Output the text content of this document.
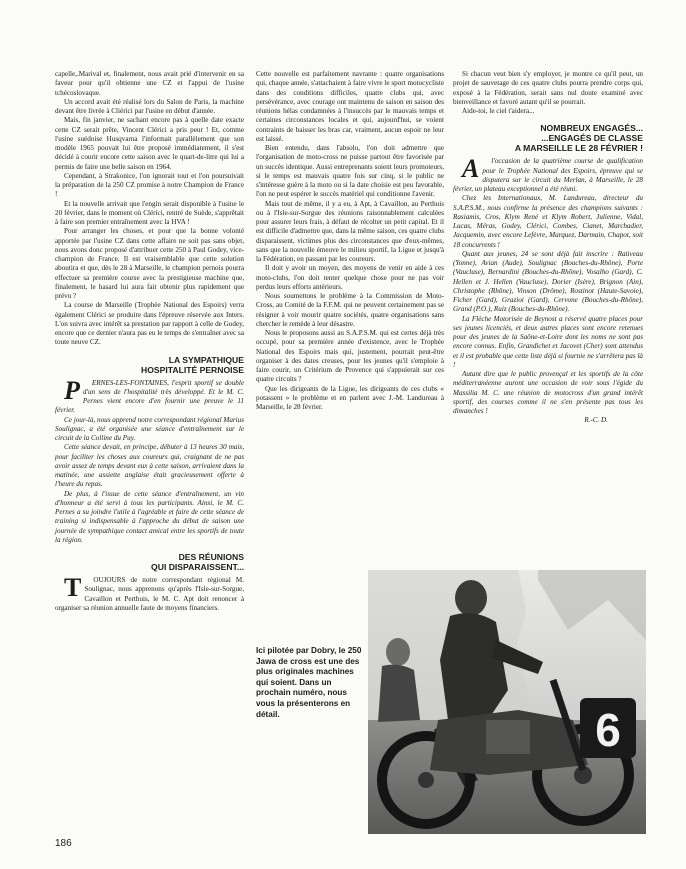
capelle,.Marival et, finalement, nous avait prié d'intervenir en sa faveur pour qu'il obtienne une CZ et l'appui de l'usine tchécoslovaque.

Un accord avait été réalisé lors du Salon de Paris, la machine devant être livrée à Cliérici par l'usine en début d'année.

Mais, fin janvier, ne sachant encore pas à quelle date exacte cette CZ serait prête, Vincent Clérici a pris peur ! Et, comme l'usine suédoise Husqvarna l'informait parallèlement que son modèle 1965 pouvait lui être proposé immédiatement, il s'est décidé à courir encore cette saison avec le quart-de-litre qui lui a permis de faire une belle saison en 1964.

Cependant, à Strakonice, l'on ignorait tout et l'on poursuivait la préparation de la 250 CZ promise à notre Champion de France !

Et la nouvelle arrivait que l'engin serait disponible à l'usine le 20 février, dans le moment où Clérici, rentré de Suède, s'apprêtait à faire son premier entraînement avec la HVA !

Pour arranger les choses, et pour que la bonne volonté apportée par l'usine CZ dans cette affaire ne soit pas sans objet, nous avons donc proposé d'attribuer cette 250 à Paul Godey, vice-champion de France. Il est vraisemblable que cette solution aboutira et que, dès le 28 à Marseille, le champion pernois pourra effectuer sa première course avec la prestigieuse machine que, finalement, le hasard lui aura fait obtenir plus rapidement que prévu ?

La course de Marseille (Trophée National des Espoirs) verra également Clérici se produire dans l'épreuve réservée aux Inters. L'on suivra avec intérêt sa prestation par rapport à celle de Godey, encore que ce dernier n'aura pas eu le temps de s'entraîner avec sa toute neuve CZ.

LA SYMPATHIQUE
HOSPITALITÉ PERNOISE

P ERNES-LES-FONTAINES, l'esprit sportif se double d'un sens de l'hospitalité très développé. Et le M. C. Pernes vient encore d'en fournir une preuve le 11 février.

Ce jour-là, nous apprend notre correspondant régional Marius Soulignac, a été organisée une séance d'entraînement sur le circuit de la Colline du Puy.

Cette séance devait, en principe, débuter à 13 heures 30 mais, pour faciliter les choses aux coureurs qui, craignant de ne pas avoir assez de temps devant eux à cette saison, arrivaient dans la matinée, une assiette anglaise était gracieusement offerte à l'heure du repas.

De plus, à l'issue de cette séance d'entraînement, un vin d'honneur a été servi à tous les participants. Ainsi, le M. C. Pernes a su joindre l'utile à l'agréable et faire de cette séance de training si indispensable à l'approche du début de saison une journée de sympathique contact amical entre les sportifs de toute la région.

DES RÉUNIONS
QUI DISPARAISSENT...

T OUJOURS de notre correspondant régional M. Soulignac, nous apprenons qu'après l'Isle-sur-Sorgue, Cavaillon et Perthuis, le M. C. Apt doit renoncer à organiser sa réunion annuelle faute de moyens financiers.

Cette nouvelle est parfaitement navrante : quatre organisations qui, chaque année, s'attachaient à faire vivre le sport motocycliste dans des conditions difficiles, quatre clubs qui, avec persévérance, avec courage ont maintenu de saison en saison des réunions hélas condamnées à l'insuccès par le mauvais temps et certaines circonstances locales et qui, aujourd'hui, se voient contraints de baisser les bras car, vraiment, aucun espoir ne leur est laissé.

Bien entendu, dans l'absolu, l'on doit admettre que l'organisation de moto-cross ne puisse partout être favorisée par un succès identique. Aussi entreprenants soient leurs promoteurs, si le temps est mauvais quatre fois sur cinq, si le public ne s'intéresse guère à la moto ou si la date choisie est peu favorable, l'on ne peut espérer le succès matériel qui conditionne l'avenir.

Mais tout de même, il y a eu, à Apt, à Cavaillon, au Perthuis ou à l'Isle-sur-Sorgue des réunions raisonnablement calculées pour assurer leurs frais, à défaut de récolter un petit capital. Et il est difficile d'admettre que, dans la même saison, ces quatre clubs disparaissent, victimes plus des circonstances que d'eux-mêmes, sans que la nouvelle émeuve le milieu sportif, la Ligue et jusqu'à la Fédération, en passant par les coureurs.

Il doit y avoir un moyen, des moyens de venir en aide à ces moto-clubs, l'on doit tenter quelque chose pour ne pas voir perdus leurs efforts antérieurs.

Nous soumettons le problème à la Commission de Moto-Cross, au Comité de la F.F.M. qui ne peuvent certainement pas se résigner à voir mourir quatre sociétés, quatre organisations sans chercher le remède à leur désastre.

Nous le proposons aussi au S.A.P.S.M. qui est certes déjà très occupé, pour sa première année d'existence, avec le Trophée National des Espoirs mais qui, justement, pourrait peut-être organiser à des dates creuses, pour les jeunes qu'il s'emploie à faire courir, un Critérium de Provence qui s'appuierait sur ces quatre circuits ?

Que les dirigeants de la Ligue, les dirigeants de ces clubs « potassent » le problème et en parlent avec J.-M. Landureau à Marseille, le 28 février.

Si chacun veut bien s'y employer, je montre ce qu'il peut, un projet de sauvetage de ces quatre clubs pourra prendre corps qui, exposé à la Fédération, serait sans nul doute examiné avec bienveillance et favoré autant qu'il se pourrait.

Aide-toi, le ciel t'aidera...

NOMBREUX ENGAGÉS...
...ENGAGÉS DE CLASSE
A MARSEILLE LE 28 FÉVRIER !

A l'occasion de la quatrième course de qualification pour le Trophée National des Espoirs, épreuve qui se disputera sur le circuit du Merlan, à Marseille, le 28 février, un plateau exceptionnel a été réuni.

Chez les Internationaux, M. Landureau, directeur du S.A.P.S.M., nous confirme la présence des champions suivants : Rasiamis, Cros, Klym René et Klym Robert, Julienne, Vidal, Lucas, Méras, Godey, Clérici, Combes, Cianet, Marchadier, Jacquemin, avec encore Lefèvre, Marquez, Darmain, Chapot, soit 18 concurrents !

Quant aux jeunes, 24 se sont déjà fait inscrire : Rativeau (Yonne), Avian (Aude), Soulignac (Bouches-du-Rhône), Porte (Vaucluse), Bernardini (Bouches-du-Rhône), Vosalho (Gard), C. Hellen et J. Hellen (Vaucluse), Dorier (Isère), Brignon (Ain), Christophe (Rhône), Vinson (Drôme), Rostinot (Haute-Savoie), Ficher (Gard), Grazioi (Gard), Cervone (Bouches-du-Rhône), Grand (P.O.), Ruiz (Bouches-du-Rhône).

La Flèche Motorisée de Beynost a réservé quatre places pour ses jeunes licenciés, et deux autres places sont encore retenues pour des jeunes de la Saône-et-Loire dont les noms ne sont pas encore connus. Enfin, Grandichet et Jacovet (Cher) sont attendus et il est probable que cette liste déjà si fournie ne s'arrêtera pas là !

Autant dire que le public provençal et les sportifs de la côte méditerranéenne auront une occasion de voir sous l'égide du Massilia M. C. une réunion de motocross d'un grand intérêt sportif, des courses comme il ne s'en présente pas tous les dimanches !

R.-C. D.

Ici pilotée par Dobry, le 250 Jawa de cross est une des plus originales machines qui soient. Dans un prochain numéro, nous vous la présenterons en détail.	6
186
